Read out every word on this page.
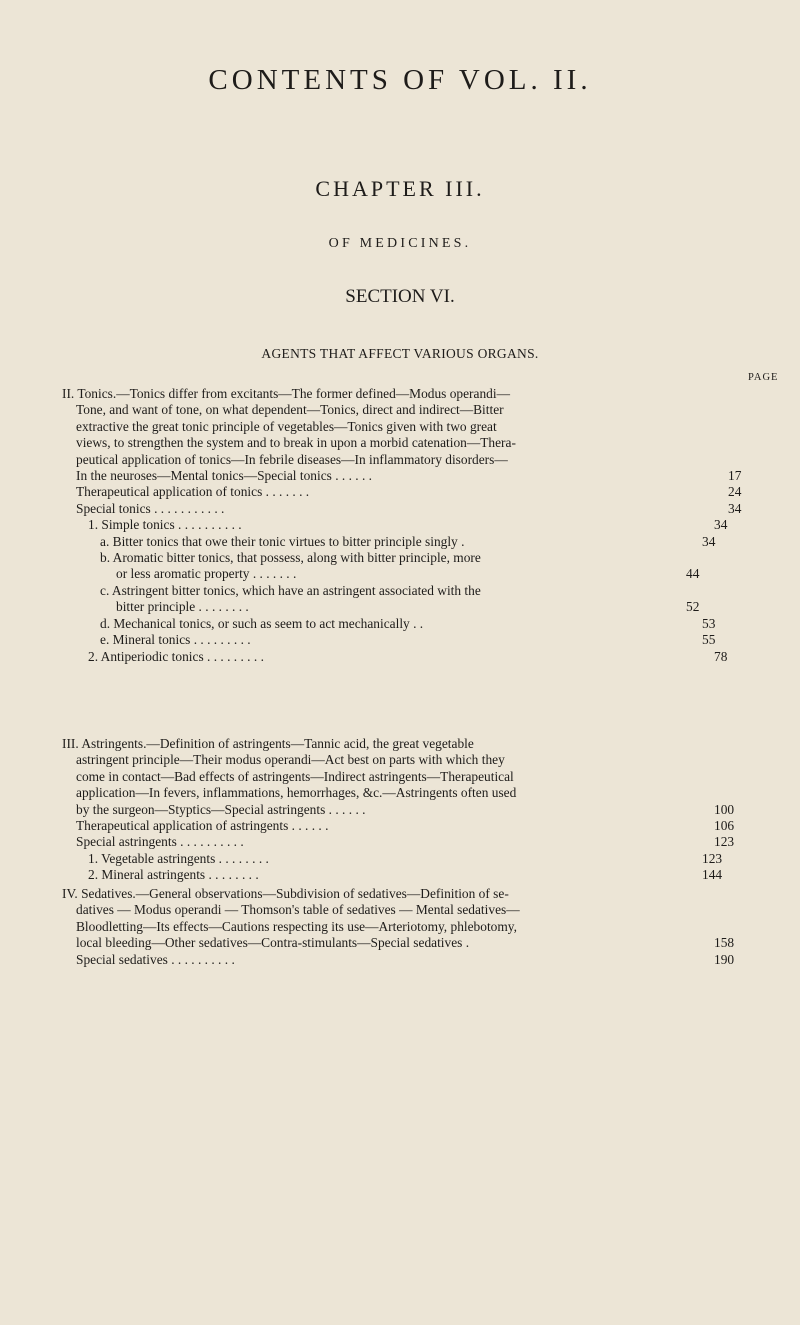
CONTENTS OF VOL. II.
CHAPTER III.
OF MEDICINES.
SECTION VI.
AGENTS THAT AFFECT VARIOUS ORGANS.
PAGE
II. Tonics.—Tonics differ from excitants—The former defined—Modus operandi—
Tone, and want of tone, on what dependent—Tonics, direct and indirect—Bitter
extractive the great tonic principle of vegetables—Tonics given with two great
views, to strengthen the system and to break in upon a morbid catenation—Thera-
peutical application of tonics—In febrile diseases—In inflammatory disorders—
In the neuroses—Mental tonics—Special tonics . . . . . .	17
Therapeutical application of tonics . . . . . . .	24
Special tonics . . . . . . . . . . .	34
1. Simple tonics . . . . . . . . . .	34
a. Bitter tonics that owe their tonic virtues to bitter principle singly .	34
b. Aromatic bitter tonics, that possess, along with bitter principle, more
or less aromatic property . . . . . . .	44
c. Astringent bitter tonics, which have an astringent associated with the
bitter principle . . . . . . . .	52
d. Mechanical tonics, or such as seem to act mechanically . .	53
e. Mineral tonics . . . . . . . . .	55
2. Antiperiodic tonics . . . . . . . . .	78
III. Astringents.—Definition of astringents—Tannic acid, the great vegetable
astringent principle—Their modus operandi—Act best on parts with which they
come in contact—Bad effects of astringents—Indirect astringents—Therapeutical
application—In fevers, inflammations, hemorrhages, &c.—Astringents often used
by the surgeon—Styptics—Special astringents . . . . . .	100
Therapeutical application of astringents . . . . . .	106
Special astringents . . . . . . . . . .	123
1. Vegetable astringents . . . . . . . .	123
2. Mineral astringents . . . . . . . .	144
IV. Sedatives.—General observations—Subdivision of sedatives—Definition of se-
datives — Modus operandi — Thomson's table of sedatives — Mental sedatives—
Bloodletting—Its effects—Cautions respecting its use—Arteriotomy, phlebotomy,
local bleeding—Other sedatives—Contra-stimulants—Special sedatives .	158
Special sedatives . . . . . . . . . .	190
